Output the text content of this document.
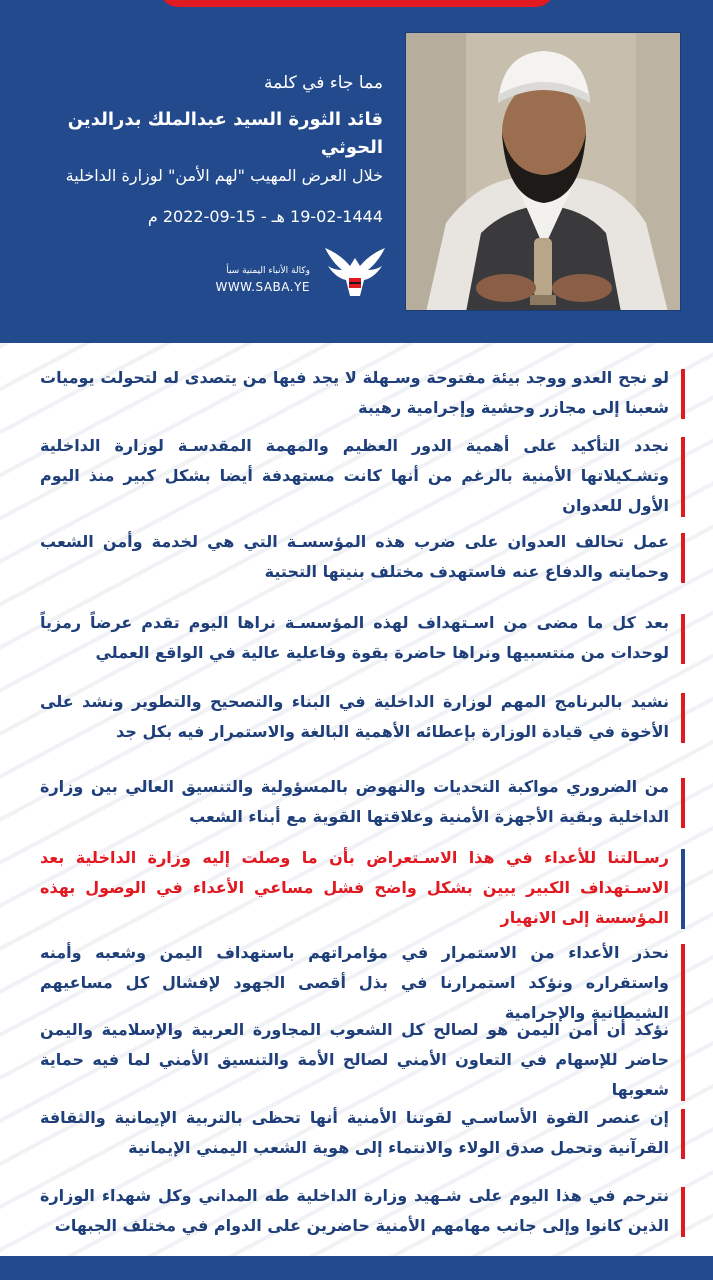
مما جاء في كلمة
قائد الثورة السيد عبدالملك بدرالدين الحوثي
خلال العرض المهيب "لهم الأمن" لوزارة الداخلية
19-02-1444 هـ - 15-09-2022 م
وكالة الأنباء اليمنية سبأ
WWW.SABA.YE
لو نجح العدو ووجد بيئة مفتوحة وسـهلة لا يجد فيها من يتصدى له لتحولت يوميات شعبنا إلى مجازر وحشية وإجرامية رهيبة
نجدد التأكيد على أهمية الدور العظيم والمهمة المقدسـة لوزارة الداخلية وتشـكيلاتها الأمنية بالرغم من أنها كانت مستهدفة أيضا بشكل كبير منذ اليوم الأول للعدوان
عمل تحالف العدوان على ضرب هذه المؤسسـة التي هي لخدمة وأمن الشعب وحمايته والدفاع عنه فاستهدف مختلف بنيتها التحتية
بعد كل ما مضى من اسـتهداف لهذه المؤسسـة نراها اليوم تقدم عرضاً رمزياً لوحدات من منتسبيها ونراها حاضرة بقوة وفاعلية عالية في الواقع العملي
نشيد بالبرنامج المهم لوزارة الداخلية في البناء والتصحيح والتطوير ونشد على الأخوة في قيادة الوزارة بإعطائه الأهمية البالغة والاستمرار فيه بكل جد
من الضروري مواكبة التحديات والنهوض بالمسؤولية والتنسيق العالي بين وزارة الداخلية وبقية الأجهزة الأمنية وعلاقتها القوية مع أبناء الشعب
رسـالتنا للأعداء في هذا الاسـتعراض بأن ما وصلت إليه وزارة الداخلية بعد الاسـتهداف الكبير يبين بشكل واضح فشل مساعي الأعداء في الوصول بهذه المؤسسة إلى الانهيار
نحذر الأعداء من الاستمرار في مؤامراتهم باستهداف اليمن وشعبه وأمنه واستقراره ونؤكد استمرارنا في بذل أقصى الجهود لإفشال كل مساعيهم الشيطانية والإجرامية
نؤكد أن أمن اليمن هو لصالح كل الشعوب المجاورة العربية والإسلامية واليمن حاضر للإسهام في التعاون الأمني لصالح الأمة والتنسيق الأمني لما فيه حماية شعوبها
إن عنصر القوة الأساسـي لقوتنا الأمنية أنها تحظى بالتربية الإيمانية والثقافة القرآنية وتحمل صدق الولاء والانتماء إلى هوية الشعب اليمني الإيمانية
نترحم في هذا اليوم على شـهيد وزارة الداخلية طه المداني وكل شهداء الوزارة الذين كانوا وإلى جانب مهامهم الأمنية حاضرين على الدوام في مختلف الجبهات
